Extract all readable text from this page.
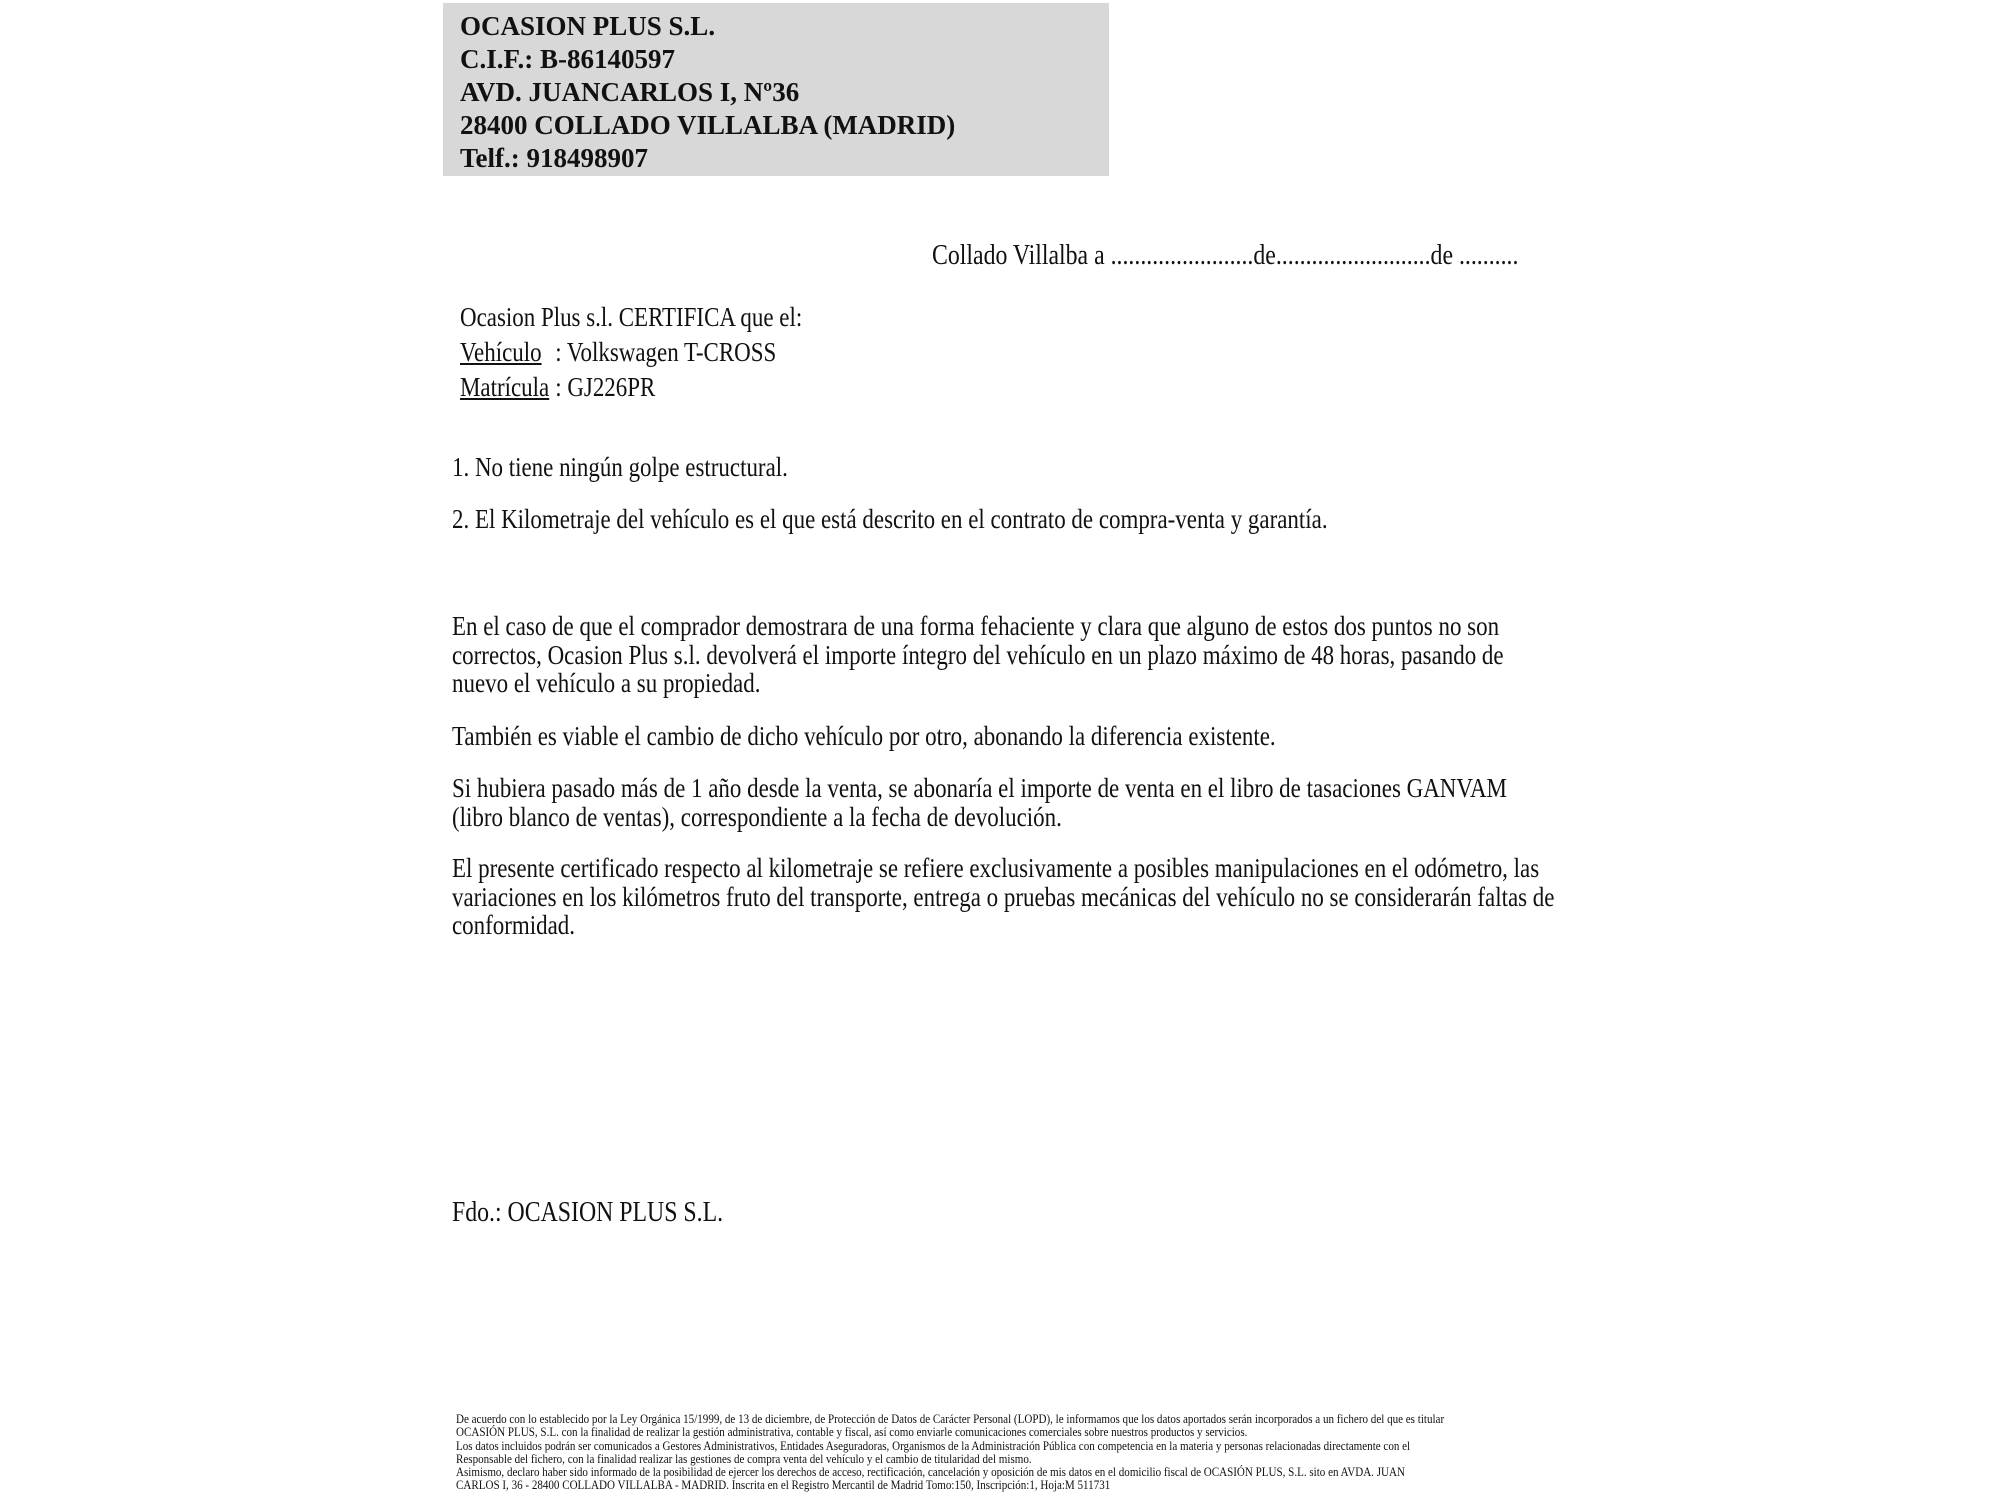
OCASION PLUS S.L.
C.I.F.: B-86140597
AVD. JUANCARLOS I, Nº36
28400 COLLADO VILLALBA (MADRID)
Telf.: 918498907
Collado Villalba a ........................de..........................de ..........
Ocasion Plus s.l. CERTIFICA que el:
Vehículo : Volkswagen T-CROSS
Matrícula : GJ226PR
1. No tiene ningún golpe estructural.
2. El Kilometraje del vehículo es el que está descrito en el contrato de compra-venta y garantía.
En el caso de que el comprador demostrara de una forma fehaciente y clara que alguno de estos dos puntos no son correctos, Ocasion Plus s.l. devolverá el importe íntegro del vehículo en un plazo máximo de 48 horas, pasando de nuevo el vehículo a su propiedad.
También es viable el cambio de dicho vehículo por otro, abonando la diferencia existente.
Si hubiera pasado más de 1 año desde la venta, se abonaría el importe de venta en el libro de tasaciones GANVAM (libro blanco de ventas), correspondiente a la fecha de devolución.
El presente certificado respecto al kilometraje se refiere exclusivamente a posibles manipulaciones en el odómetro, las variaciones en los kilómetros fruto del transporte, entrega o pruebas mecánicas del vehículo no se considerarán faltas de conformidad.
Fdo.: OCASION PLUS S.L.
De acuerdo con lo establecido por la Ley Orgánica 15/1999, de 13 de diciembre, de Protección de Datos de Carácter Personal (LOPD), le informamos que los datos aportados serán incorporados a un fichero del que es titular
OCASIÓN PLUS, S.L. con la finalidad de realizar la gestión administrativa, contable y fiscal, así como enviarle comunicaciones comerciales sobre nuestros productos y servicios.
Los datos incluidos podrán ser comunicados a Gestores Administrativos, Entidades Aseguradoras, Organismos de la Administración Pública con competencia en la materia y personas relacionadas directamente con el
Responsable del fichero, con la finalidad realizar las gestiones de compra venta del vehículo y el cambio de titularidad del mismo.
Asimismo, declaro haber sido informado de la posibilidad de ejercer los derechos de acceso, rectificación, cancelación y oposición de mis datos en el domicilio fiscal de OCASIÓN PLUS, S.L. sito en AVDA. JUAN
CARLOS I, 36 - 28400 COLLADO VILLALBA - MADRID. Inscrita en el Registro Mercantil de Madrid Tomo:150, Inscripción:1, Hoja:M 511731
